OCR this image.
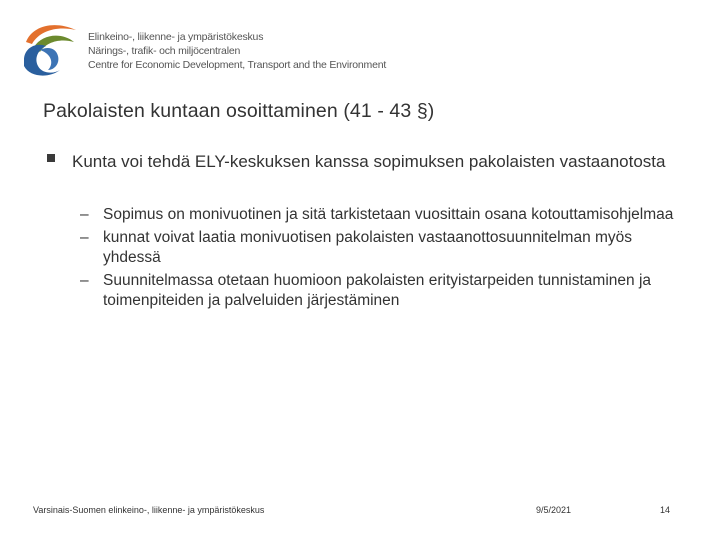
Elinkeino-, liikenne- ja ympäristökeskus
Närings-, trafik- och miljöcentralen
Centre for Economic Development, Transport and the Environment
Pakolaisten kuntaan osoittaminen (41 - 43 §)
Kunta voi tehdä ELY-keskuksen kanssa sopimuksen pakolaisten vastaanotosta
– Sopimus on monivuotinen ja sitä tarkistetaan vuosittain osana kotouttamisohjelmaa
– kunnat voivat laatia monivuotisen pakolaisten vastaanottosuunnitelman myös yhdessä
– Suunnitelmassa otetaan huomioon pakolaisten erityistarpeiden tunnistaminen ja toimenpiteiden ja palveluiden järjestäminen
Varsinais-Suomen elinkeino-, liikenne- ja ympäristökeskus	9/5/2021	14
